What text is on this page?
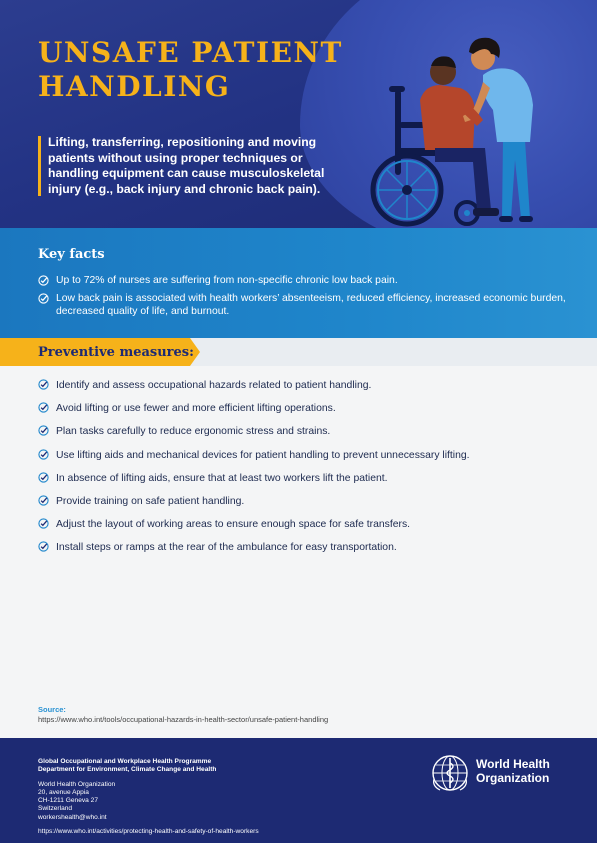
UNSAFE PATIENT HANDLING
Lifting, transferring, repositioning and moving patients without using proper techniques or handling equipment can cause musculoskeletal injury (e.g., back injury and chronic back pain).
Key facts
Up to 72% of nurses are suffering from non-specific chronic low back pain.
Low back pain is associated with health workers’ absenteeism, reduced efficiency, increased economic burden, decreased quality of life, and burnout.
Preventive measures:
Identify and assess occupational hazards related to patient handling.
Avoid lifting or use fewer and more efficient lifting operations.
Plan tasks carefully to reduce ergonomic stress and strains.
Use lifting aids and mechanical devices for patient handling to prevent unnecessary lifting.
In absence of lifting aids, ensure that at least two workers lift the patient.
Provide training on safe patient handling.
Adjust the layout of working areas to ensure enough space for safe transfers.
Install steps or ramps at the rear of the ambulance for easy transportation.
Source:
https://www.who.int/tools/occupational-hazards-in-health-sector/unsafe-patient-handling
Global Occupational and Workplace Health Programme
Department for Environment, Climate Change and Health
World Health Organization
20, avenue Appia
CH-1211 Geneva 27
Switzerland
workershealth@who.int
https://www.who.int/activities/protecting-health-and-safety-of-health-workers
World Health
Organization
